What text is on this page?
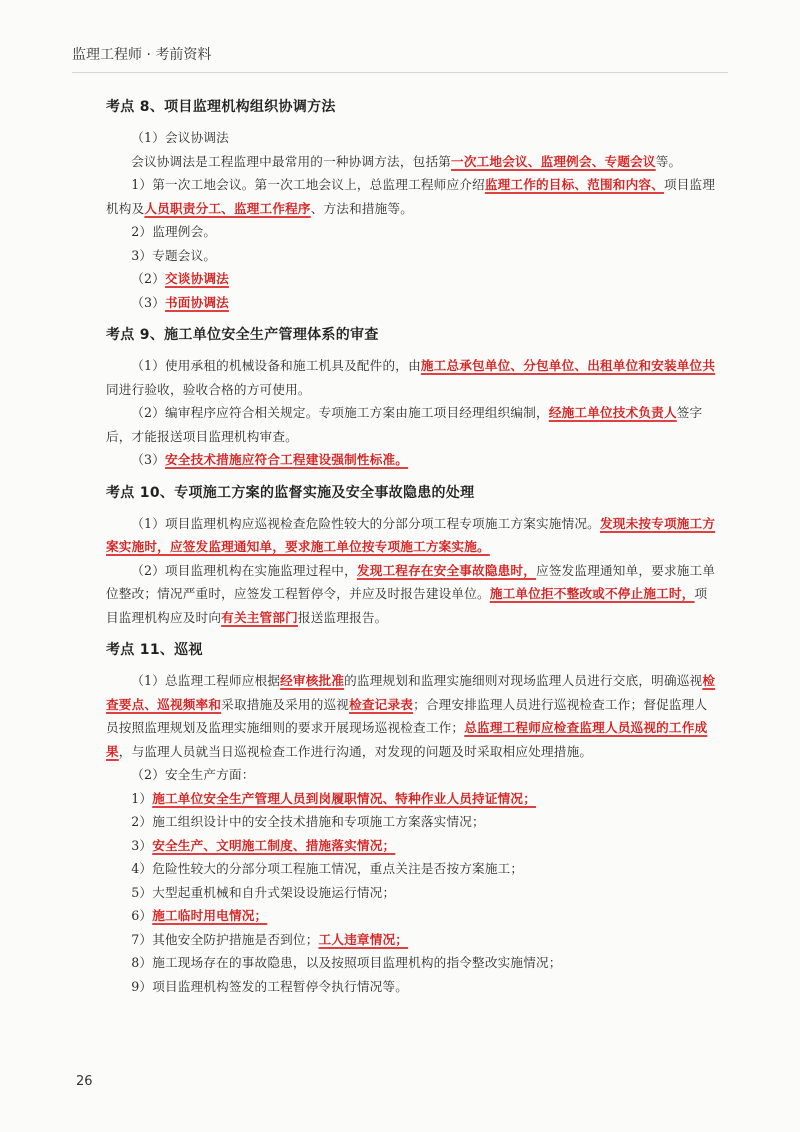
监理工程师 · 考前资料
考点 8、项目监理机构组织协调方法

（1）会议协调法

会议协调法是工程监理中最常用的一种协调方法，包括第一次工地会议、监理例会、专题会议等。

1）第一次工地会议。第一次工地会议上，总监理工程师应介绍监理工作的目标、范围和内容、项目监理机构及人员职责分工、监理工作程序、方法和措施等。

2）监理例会。

3）专题会议。

（2）交谈协调法

（3）书面协调法

考点 9、施工单位安全生产管理体系的审查

（1）使用承租的机械设备和施工机具及配件的，由施工总承包单位、分包单位、出租单位和安装单位共同进行验收，验收合格的方可使用。

（2）编审程序应符合相关规定。专项施工方案由施工项目经理组织编制，经施工单位技术负责人签字后，才能报送项目监理机构审查。

（3）安全技术措施应符合工程建设强制性标准。

考点 10、专项施工方案的监督实施及安全事故隐患的处理

（1）项目监理机构应巡视检查危险性较大的分部分项工程专项施工方案实施情况。发现未按专项施工方案实施时，应签发监理通知单，要求施工单位按专项施工方案实施。

（2）项目监理机构在实施监理过程中，发现工程存在安全事故隐患时，应签发监理通知单，要求施工单位整改；情况严重时，应签发工程暂停令，并应及时报告建设单位。施工单位拒不整改或不停止施工时，项目监理机构应及时向有关主管部门报送监理报告。

考点 11、巡视

（1）总监理工程师应根据经审核批准的监理规划和监理实施细则对现场监理人员进行交底，明确巡视检查要点、巡视频率和采取措施及采用的巡视检查记录表；合理安排监理人员进行巡视检查工作；督促监理人员按照监理规划及监理实施细则的要求开展现场巡视检查工作；总监理工程师应检查监理人员巡视的工作成果，与监理人员就当日巡视检查工作进行沟通，对发现的问题及时采取相应处理措施。

（2）安全生产方面：

1）施工单位安全生产管理人员到岗履职情况、特种作业人员持证情况；

2）施工组织设计中的安全技术措施和专项施工方案落实情况；

3）安全生产、文明施工制度、措施落实情况；

4）危险性较大的分部分项工程施工情况，重点关注是否按方案施工；

5）大型起重机械和自升式架设设施运行情况；

6）施工临时用电情况；

7）其他安全防护措施是否到位；工人违章情况；

8）施工现场存在的事故隐患，以及按照项目监理机构的指令整改实施情况；

9）项目监理机构签发的工程暂停令执行情况等。

26
